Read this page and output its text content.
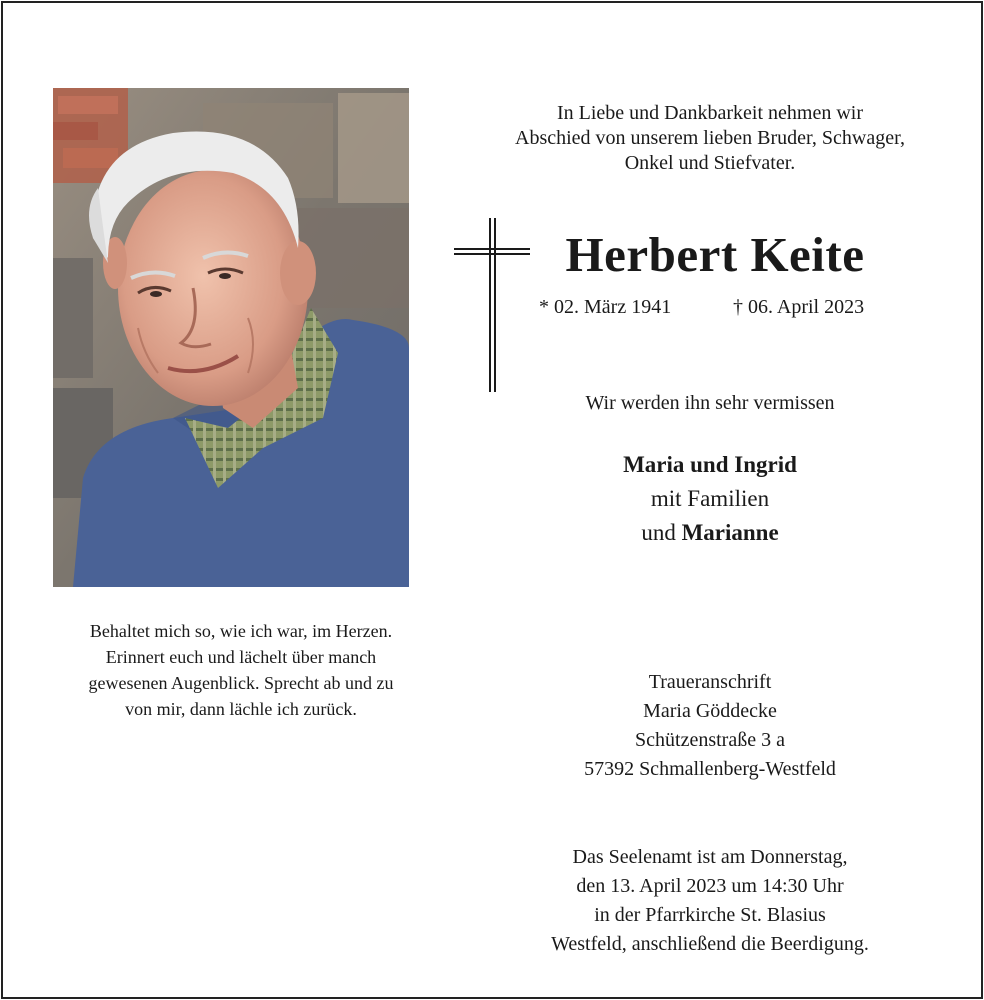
Behaltet mich so, wie ich war, im Herzen.
Erinnert euch und lächelt über manch
gewesenen Augenblick. Sprecht ab und zu
von mir, dann lächle ich zurück.
In Liebe und Dankbarkeit nehmen wir
Abschied von unserem lieben Bruder, Schwager,
Onkel und Stiefvater.
Herbert Keite
* 02. März 1941	† 06. April 2023
Wir werden ihn sehr vermissen
Maria und Ingrid
mit Familien
und Marianne
Traueranschrift
Maria Göddecke
Schützenstraße 3 a
57392 Schmallenberg-Westfeld
Das Seelenamt ist am Donnerstag,
den 13. April 2023 um 14:30 Uhr
in der Pfarrkirche St. Blasius
Westfeld, anschließend die Beerdigung.
